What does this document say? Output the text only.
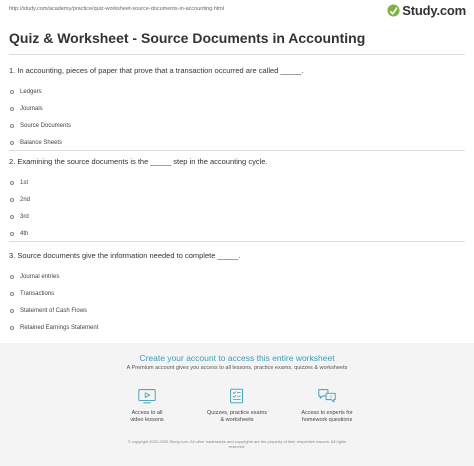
http://study.com/academy/practice/quiz-worksheet-source-documents-in-accounting.html	Study.com
Quiz & Worksheet - Source Documents in Accounting
1. In accounting, pieces of paper that prove that a transaction occurred are called _____.
Ledgers
Journals
Source Documents
Balance Sheets
2. Examining the source documents is the _____ step in the accounting cycle.
1st
2nd
3rd
4th
3. Source documents give the information needed to complete _____.
Journal entries
Transactions
Statement of Cash Flows
Retained Earnings Statement
Create your account to access this entire worksheet
A Premium account gives you access to all lessons, practice exams, quizzes & worksheets
Access to all
video lessons
Quizzes, practice exams
& worksheets
?
Access to experts for
homework questions
© copyright 2003-2020 Study.com. All other trademarks and copyrights are the property of their respective owners. All rights
reserved.
